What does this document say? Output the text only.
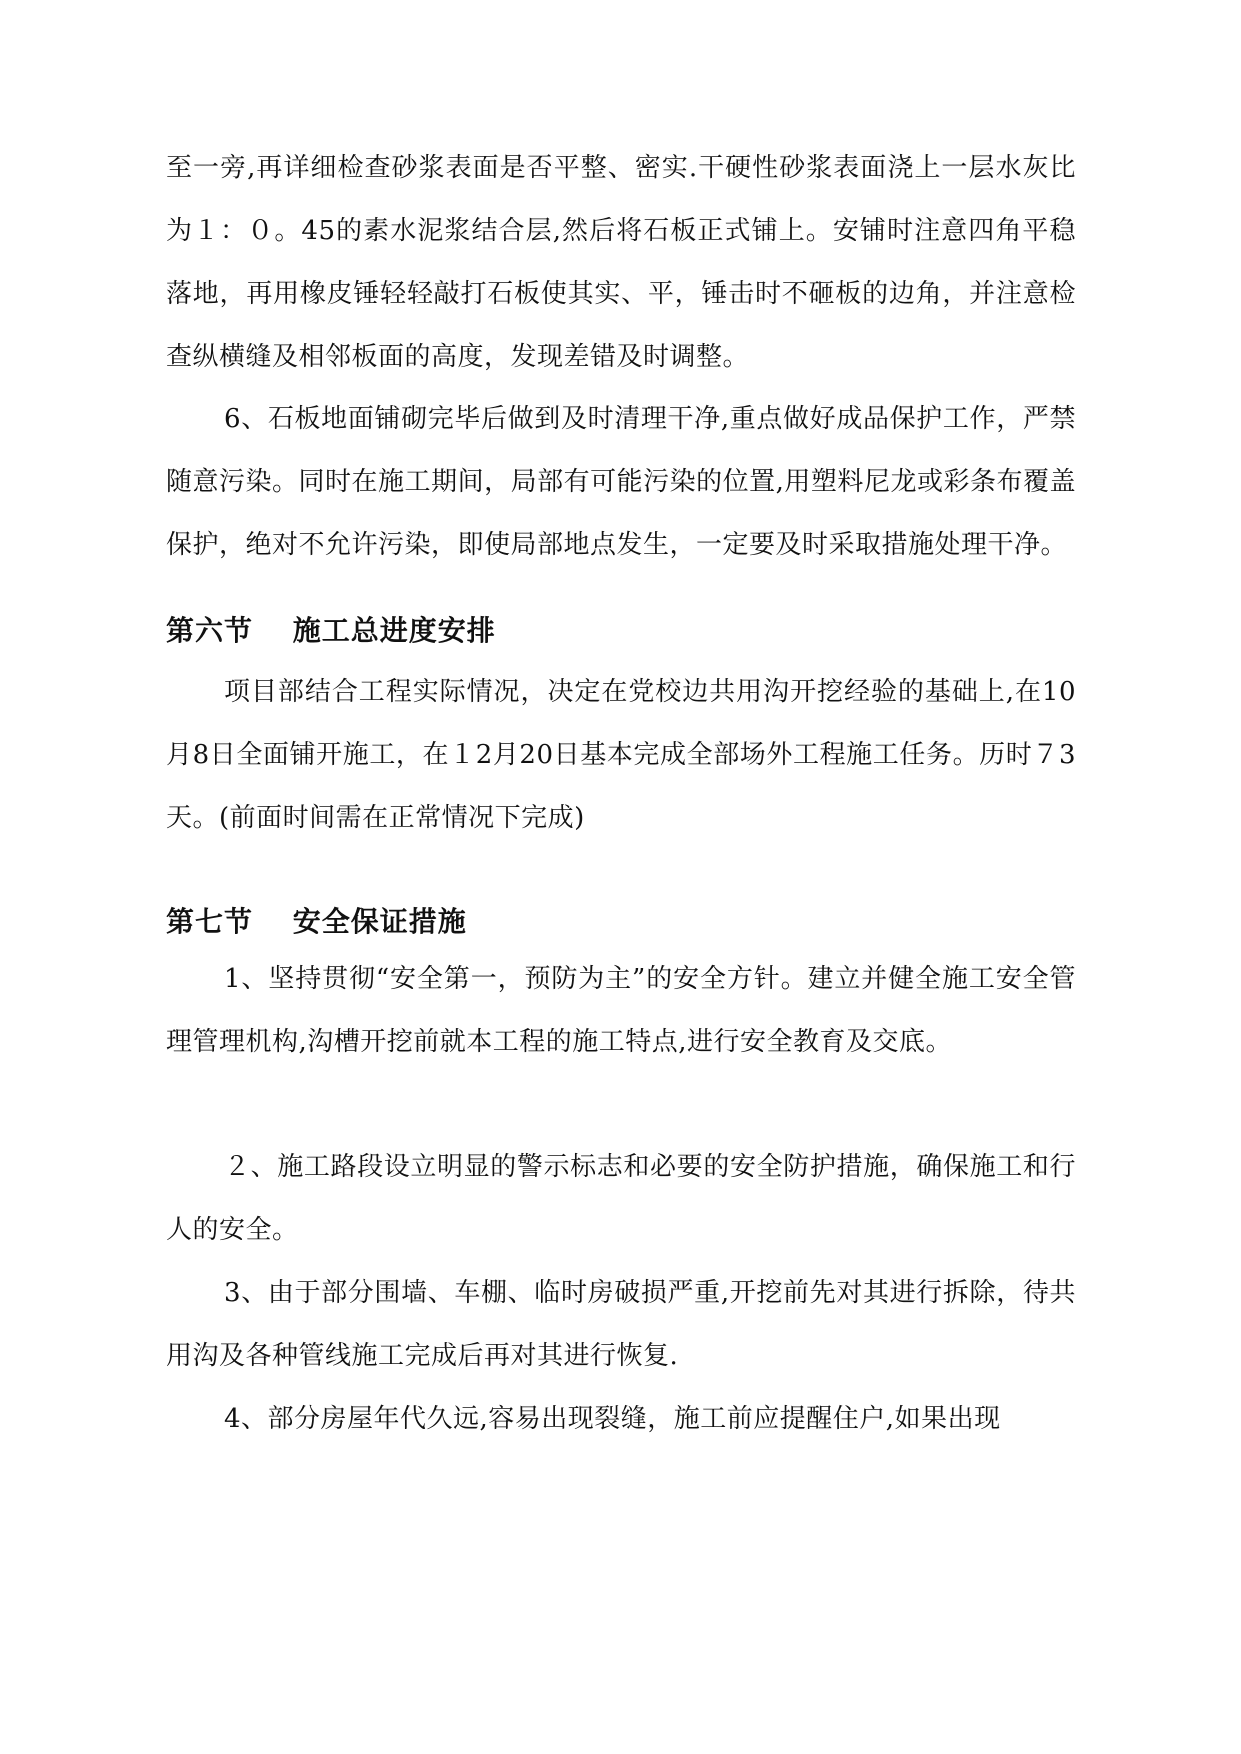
至一旁,再详细检查砂浆表面是否平整、密实.干硬性砂浆表面浇上一层水灰比为１：０。45的素水泥浆结合层,然后将石板正式铺上。安铺时注意四角平稳落地，再用橡皮锤轻轻敲打石板使其实、平，锤击时不砸板的边角，并注意检查纵横缝及相邻板面的高度，发现差错及时调整。

6、石板地面铺砌完毕后做到及时清理干净,重点做好成品保护工作，严禁随意污染。同时在施工期间，局部有可能污染的位置,用塑料尼龙或彩条布覆盖保护，绝对不允许污染，即使局部地点发生，一定要及时采取措施处理干净。

第六节　 施工总进度安排

项目部结合工程实际情况，决定在党校边共用沟开挖经验的基础上,在10月8日全面铺开施工，在１2月20日基本完成全部场外工程施工任务。历时７3天。(前面时间需在正常情况下完成)

第七节　 安全保证措施

1、坚持贯彻“安全第一，预防为主”的安全方针。建立并健全施工安全管理管理机构,沟槽开挖前就本工程的施工特点,进行安全教育及交底。

２、施工路段设立明显的警示标志和必要的安全防护措施，确保施工和行人的安全。

3、由于部分围墙、车棚、临时房破损严重,开挖前先对其进行拆除，待共用沟及各种管线施工完成后再对其进行恢复.

4、部分房屋年代久远,容易出现裂缝，施工前应提醒住户,如果出现
